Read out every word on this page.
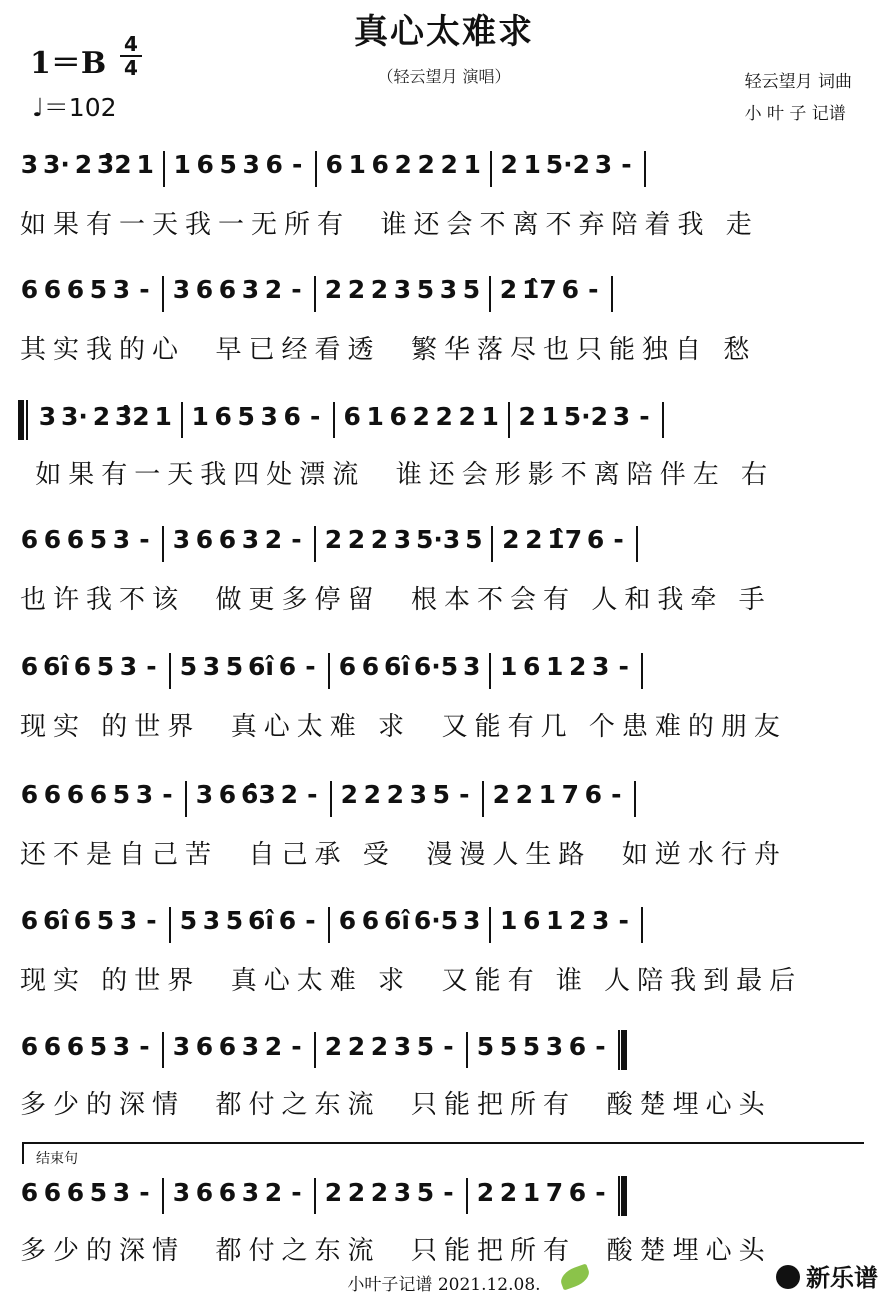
真心太难求
（轻云望月 演唱）
1＝B
4
4
♩＝102
轻云望月 词曲
小 叶 子 记谱
3 3· 2 3̂2 1 1 6 5 3 6 - 6 1 6 2 2 2 1 2 1 5·2 3 -
如果有一天我一无所有  谁还会不离不弃陪着我 走
6 6 6 5 3 - 3 6 6 3 2 - 2 2 2 3 5 3 5 2 1̂7 6 -
其实我的心  早已经看透  繁华落尽也只能独自 愁
3 3· 2 3̂2 1 1 6 5 3 6 - 6 1 6 2 2 2 1 2 1 5·2 3 -
如果有一天我四处漂流  谁还会形影不离陪伴左 右
6 6 6 5 3 - 3 6 6 3 2 - 2 2 2 3 5·3 5 2 2 1̂7 6 -
也许我不该  做更多停留  根本不会有 人和我牵 手
6 6î 6 5 3 - 5 3 5 6î 6 - 6 6 6î 6·5 3 1 6 1 2 3 -
现实 的世界  真心太难 求  又能有几 个患难的朋友
6 6 6 6 5 3 - 3 6 6̂3 2 - 2 2 2 3 5 - 2 2 1 7 6 -
还不是自己苦  自己承 受  漫漫人生路  如逆水行舟
6 6î 6 5 3 - 5 3 5 6î 6 - 6 6 6î 6·5 3 1 6 1 2 3 -
现实 的世界  真心太难 求  又能有 谁 人陪我到最后
6 6 6 5 3 - 3 6 6 3 2 - 2 2 2 3 5 - 5 5 5 3 6 -
多少的深情  都付之东流  只能把所有  酸楚埋心头
6 6 6 5 3 - 3 6 6 3 2 - 2 2 2 3 5 - 2 2 1 7 6 -
多少的深情  都付之东流  只能把所有  酸楚埋心头
结束句
小叶子记谱 2021.12.08.	新乐谱
